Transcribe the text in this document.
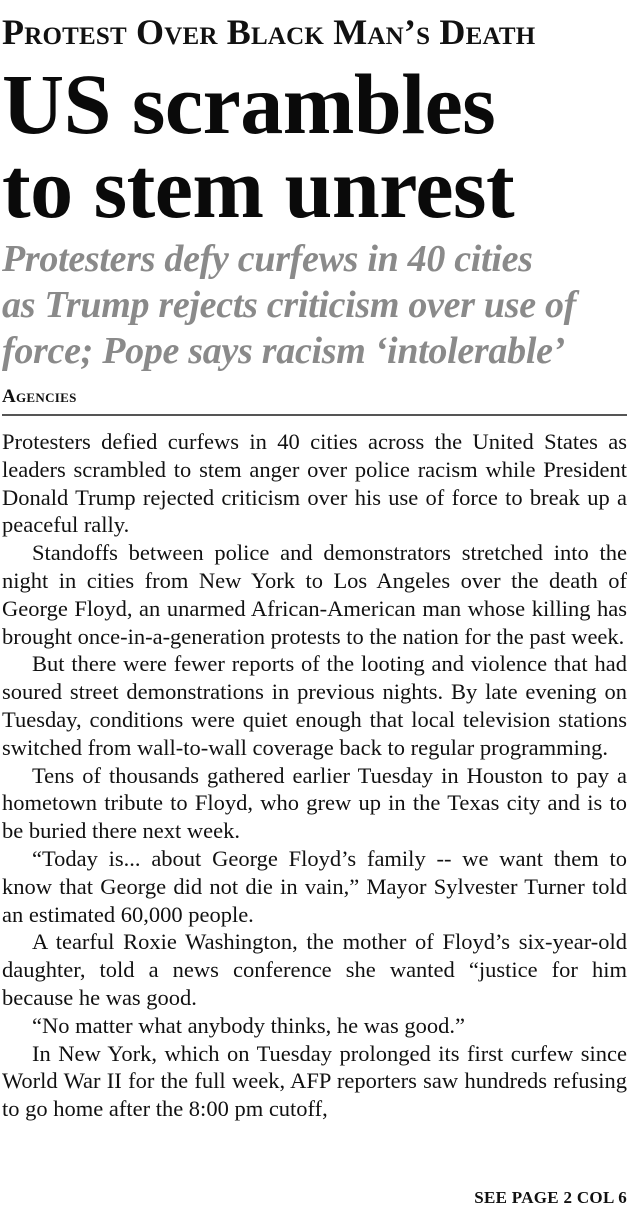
Protest Over Black Man’s Death
US scrambles
to stem unrest
Protesters defy curfews in 40 cities
as Trump rejects criticism over use of
force; Pope says racism ‘intolerable’
Agencies

Protesters defied curfews in 40 cities across the United States as leaders scrambled to stem anger over police racism while President Donald Trump rejected criticism over his use of force to break up a peaceful rally.

Standoffs between police and demonstrators stretched into the night in cities from New York to Los Angeles over the death of George Floyd, an unarmed African-American man whose killing has brought once-in-a-generation protests to the nation for the past week.

But there were fewer reports of the looting and violence that had soured street demonstrations in previous nights. By late evening on Tuesday, conditions were quiet enough that local television stations switched from wall-to-wall coverage back to regular programming.

Tens of thousands gathered earlier Tuesday in Houston to pay a hometown tribute to Floyd, who grew up in the Texas city and is to be buried there next week.

“Today is... about George Floyd’s family -- we want them to know that George did not die in vain,” Mayor Sylvester Turner told an estimated 60,000 people.

A tearful Roxie Washington, the mother of Floyd’s six-year-old daughter, told a news conference she wanted “justice for him because he was good.

“No matter what anybody thinks, he was good.”

In New York, which on Tuesday prolonged its first curfew since World War II for the full week, AFP reporters saw hundreds refusing to go home after the 8:00 pm cutoff,

SEE PAGE 2 COL 6
